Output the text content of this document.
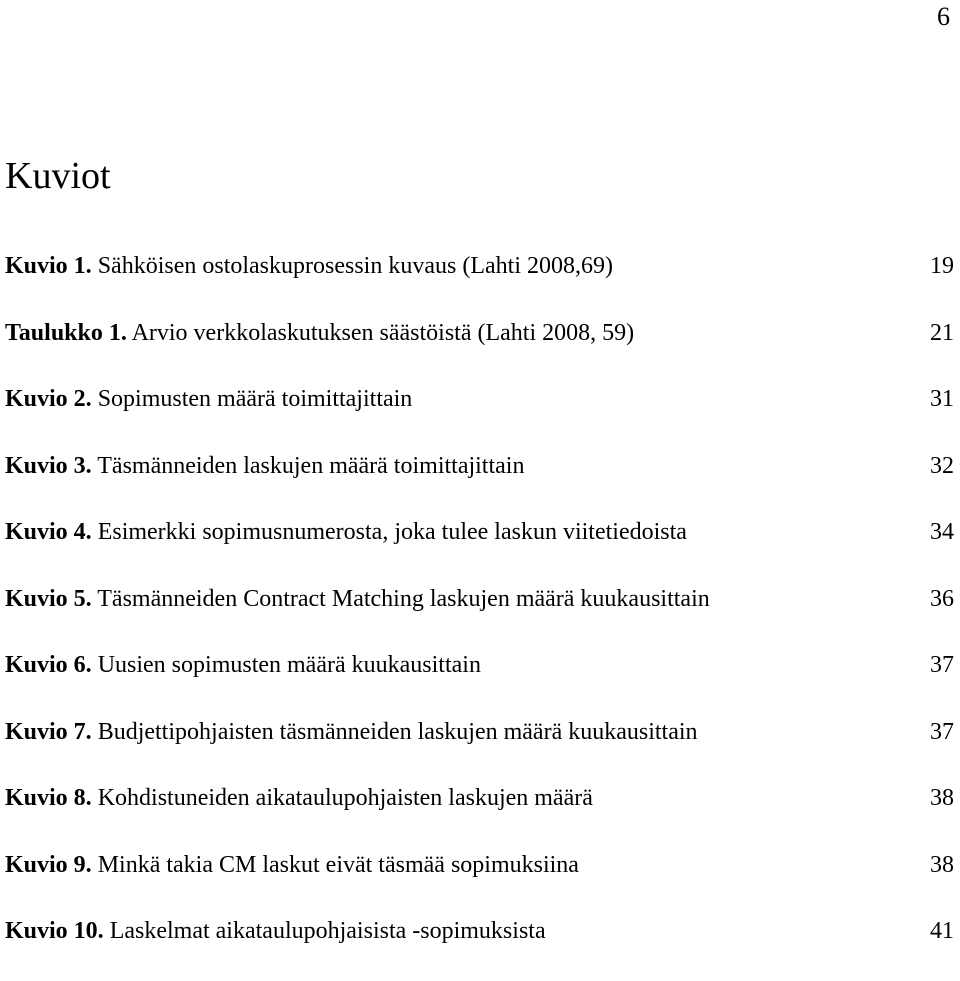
6
Kuviot
Kuvio 1. Sähköisen ostolaskuprosessin kuvaus (Lahti 2008,69)	19
Taulukko 1. Arvio verkkolaskutuksen säästöistä (Lahti 2008, 59)	21
Kuvio 2. Sopimusten määrä toimittajittain	31
Kuvio 3. Täsmänneiden laskujen määrä toimittajittain	32
Kuvio 4. Esimerkki sopimusnumerosta, joka tulee laskun viitetiedoista	34
Kuvio 5. Täsmänneiden Contract Matching laskujen määrä kuukausittain	36
Kuvio 6. Uusien sopimusten määrä kuukausittain	37
Kuvio 7. Budjettipohjaisten täsmänneiden laskujen määrä kuukausittain	37
Kuvio 8. Kohdistuneiden aikataulupohjaisten laskujen määrä	38
Kuvio 9. Minkä takia CM laskut eivät täsmää sopimuksiina	38
Kuvio 10. Laskelmat aikataulupohjaisista -sopimuksista	41
